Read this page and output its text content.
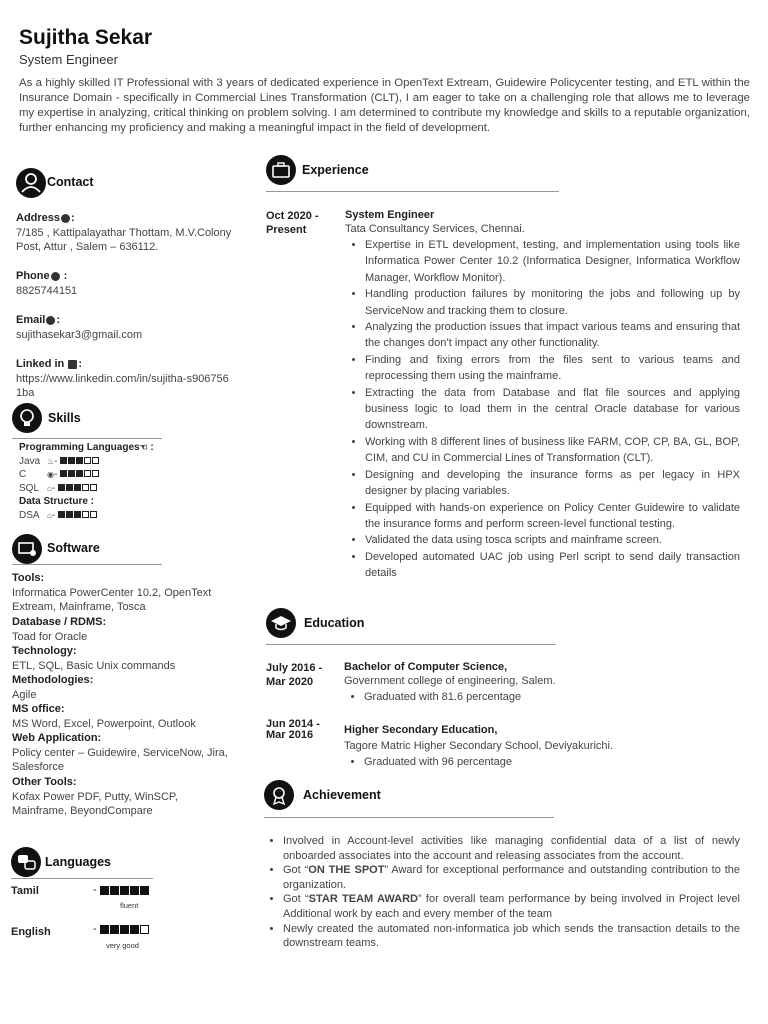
Sujitha Sekar
System Engineer
As a highly skilled IT Professional with 3 years of dedicated experience in OpenText Extream, Guidewire Policycenter testing, and ETL within the Insurance Domain - specifically in Commercial Lines Transformation (CLT), I am eager to take on a challenging role that allows me to leverage my expertise in analyzing, critical thinking on problem solving. I am determined to contribute my knowledge and skills to a reputable organization, further enhancing my proficiency and making a meaningful impact in the field of development.
Contact
Address :
7/185 , Kattipalayathar Thottam, M.V.Colony Post, Attur , Salem – 636112.
Phone :
8825744151
Email :
sujithasekar3@gmail.com
Linked in :
https://www.linkedin.com/in/sujitha-s9067561ba
Skills
Programming Languages☜ :
Java ♨-
C	◉-
SQL ⌂-
Data Structure :
DSA ⌂-
Software
Tools:
Informatica PowerCenter 10.2, OpenText Extream, Mainframe, Tosca
Database / RDMS:
Toad for Oracle
Technology:
ETL, SQL, Basic Unix commands
Methodologies:
Agile
MS office:
MS Word, Excel, Powerpoint, Outlook
Web Application:
Policy center – Guidewire, ServiceNow, Jira, Salesforce
Other Tools:
Kofax Power PDF, Putty, WinSCP, Mainframe, BeyondCompare
Languages
Tamil	-
fluent
English	-
very good
Experience
Oct 2020 - Present
System Engineer
Tata Consultancy Services, Chennai.
• Expertise in ETL development, testing, and implementation using tools like Informatica Power Center 10.2 (Informatica Designer, Informatica Workflow Manager, Workflow Monitor).
• Handling production failures by monitoring the jobs and following up by ServiceNow and tracking them to closure.
• Analyzing the production issues that impact various teams and ensuring that the changes don’t impact any other functionality.
• Finding and fixing errors from the files sent to various teams and reprocessing them using the mainframe.
• Extracting the data from Database and flat file sources and applying business logic to load them in the central Oracle database for various downstream.
• Working with 8 different lines of business like FARM, COP, CP, BA, GL, BOP, CIM, and CU in Commercial Lines of Transformation (CLT).
• Designing and developing the insurance forms as per legacy in HPX designer by placing variables.
• Equipped with hands-on experience on Policy Center Guidewire to validate the insurance forms and perform screen-level functional testing.
• Validated the data using tosca scripts and mainframe screen.
• Developed automated UAC job using Perl script to send daily transaction details
Education
July 2016 - Mar 2020
Bachelor of Computer Science,
Government college of engineering, Salem.
• Graduated with 81.6 percentage
Jun 2014 - Mar 2016	Higher Secondary Education,
Tagore Matric Higher Secondary School, Deviyakurichi.
• Graduated with 96 percentage
Achievement
• Involved in Account-level activities like managing confidential data of a list of newly onboarded associates into the account and releasing associates from the account.
• Got “ON THE SPOT” Award for exceptional performance and outstanding contribution to the organization.
• Got “STAR TEAM AWARD” for overall team performance by being involved in Project level Additional work by each and every member of the team
• Newly created the automated non-informatica job which sends the transaction details to the downstream teams.
